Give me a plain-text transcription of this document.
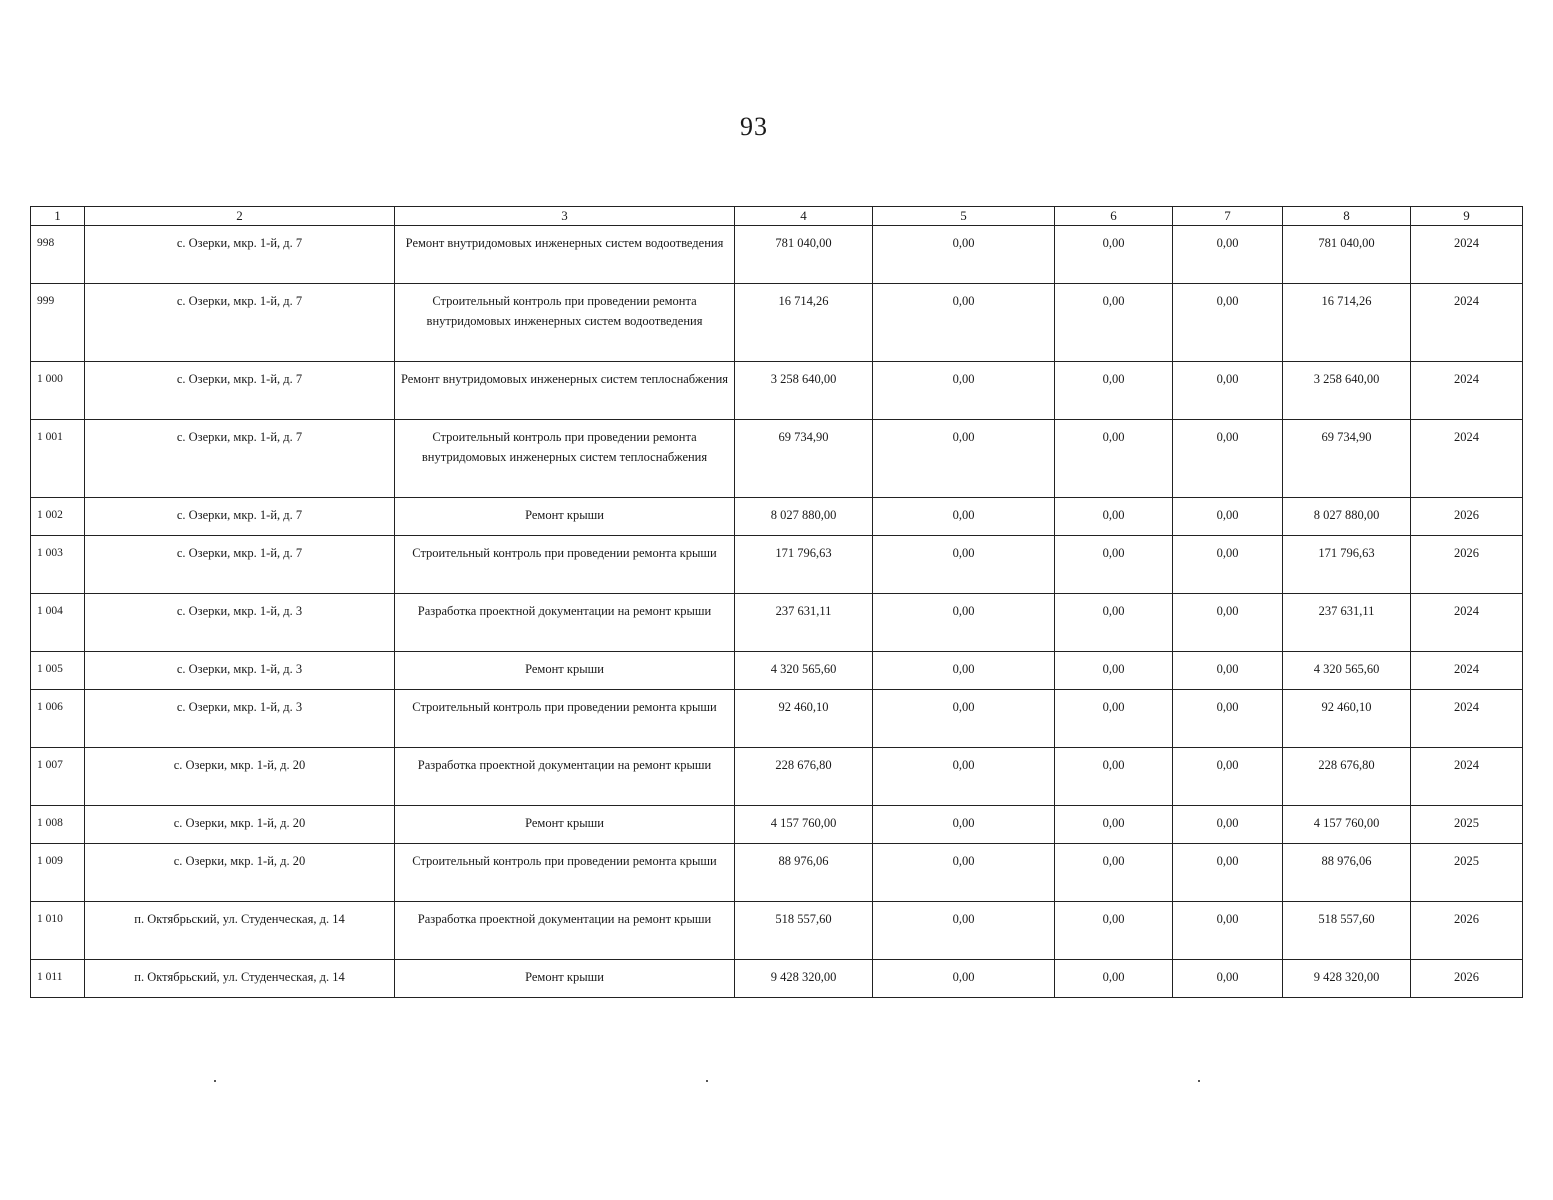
93
1	2	3	4	5	6	7	8	9
998	с. Озерки, мкр. 1-й, д. 7	Ремонт внутридомовых инженерных систем водоотведения	781 040,00	0,00	0,00	0,00	781 040,00	2024
999	с. Озерки, мкр. 1-й, д. 7	Строительный контроль при проведении ремонта внутридомовых инженерных систем водоотведения	16 714,26	0,00	0,00	0,00	16 714,26	2024
1 000	с. Озерки, мкр. 1-й, д. 7	Ремонт внутридомовых инженерных систем теплоснабжения	3 258 640,00	0,00	0,00	0,00	3 258 640,00	2024
1 001	с. Озерки, мкр. 1-й, д. 7	Строительный контроль при проведении ремонта внутридомовых инженерных систем теплоснабжения	69 734,90	0,00	0,00	0,00	69 734,90	2024
1 002	с. Озерки, мкр. 1-й, д. 7	Ремонт крыши	8 027 880,00	0,00	0,00	0,00	8 027 880,00	2026
1 003	с. Озерки, мкр. 1-й, д. 7	Строительный контроль при проведении ремонта крыши	171 796,63	0,00	0,00	0,00	171 796,63	2026
1 004	с. Озерки, мкр. 1-й, д. 3	Разработка проектной документации на ремонт крыши	237 631,11	0,00	0,00	0,00	237 631,11	2024
1 005	с. Озерки, мкр. 1-й, д. 3	Ремонт крыши	4 320 565,60	0,00	0,00	0,00	4 320 565,60	2024
1 006	с. Озерки, мкр. 1-й, д. 3	Строительный контроль при проведении ремонта крыши	92 460,10	0,00	0,00	0,00	92 460,10	2024
1 007	с. Озерки, мкр. 1-й, д. 20	Разработка проектной документации на ремонт крыши	228 676,80	0,00	0,00	0,00	228 676,80	2024
1 008	с. Озерки, мкр. 1-й, д. 20	Ремонт крыши	4 157 760,00	0,00	0,00	0,00	4 157 760,00	2025
1 009	с. Озерки, мкр. 1-й, д. 20	Строительный контроль при проведении ремонта крыши	88 976,06	0,00	0,00	0,00	88 976,06	2025
1 010	п. Октябрьский, ул. Студенческая, д. 14	Разработка проектной документации на ремонт крыши	518 557,60	0,00	0,00	0,00	518 557,60	2026
1 011	п. Октябрьский, ул. Студенческая, д. 14	Ремонт крыши	9 428 320,00	0,00	0,00	0,00	9 428 320,00	2026
